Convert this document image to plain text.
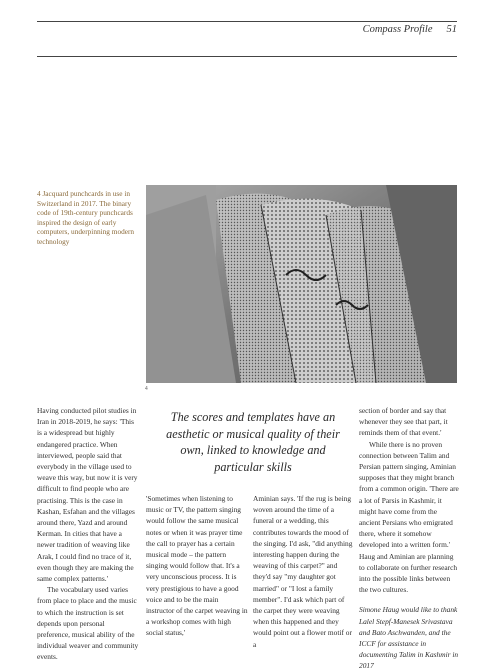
Compass Profile 51
4 Jacquard punchcards in use in Switzerland in 2017. The binary code of 19th-century punchcards inspired the design of early computers, underpinning modern technology
4

Having conducted pilot studies in Iran in 2018-2019, he says: 'This is a widespread but highly endangered practice. When interviewed, people said that everybody in the village used to weave this way, but now it is very difficult to find people who are practising. This is the case in Kashan, Esfahan and the villages around there, Yazd and around Kerman. In cities that have a newer tradition of weaving like Arak, I could find no trace of it, even though they are making the same complex patterns.'

The vocabulary used varies from place to place and the music to which the instruction is set depends upon personal preference, musical ability of the individual weaver and community events.

The scores and templates have an aesthetic or musical quality of their own, linked to knowledge and particular skills

'Sometimes when listening to music or TV, the pattern singing would follow the same musical notes or when it was prayer time the call to prayer has a certain musical mode – the pattern singing would follow that. It's a very unconscious process. It is very prestigious to have a good voice and to be the main instructor of the carpet weaving in a workshop comes with high social status,'

Aminian says. 'If the rug is being woven around the time of a funeral or a wedding, this contributes towards the mood of the singing. I'd ask, "did anything interesting happen during the weaving of this carpet?" and they'd say "my daughter got married" or "I lost a family member". I'd ask which part of the carpet they were weaving when this happened and they would point out a flower motif or a

section of border and say that whenever they see that part, it reminds them of that event.'

While there is no proven connection between Talim and Persian pattern singing, Aminian supposes that they might branch from a common origin. 'There are a lot of Parsis in Kashmir, it might have come from the ancient Persians who emigrated there, where it somehow developed into a written form.' Haug and Aminian are planning to collaborate on further research into the possible links between the two cultures.

Simone Haug would like to thank Lalel Stepf-Manesek Srivastava and Bato Aschwanden, and the ICCF for assistance in documenting Talim in Kashmir in 2017
